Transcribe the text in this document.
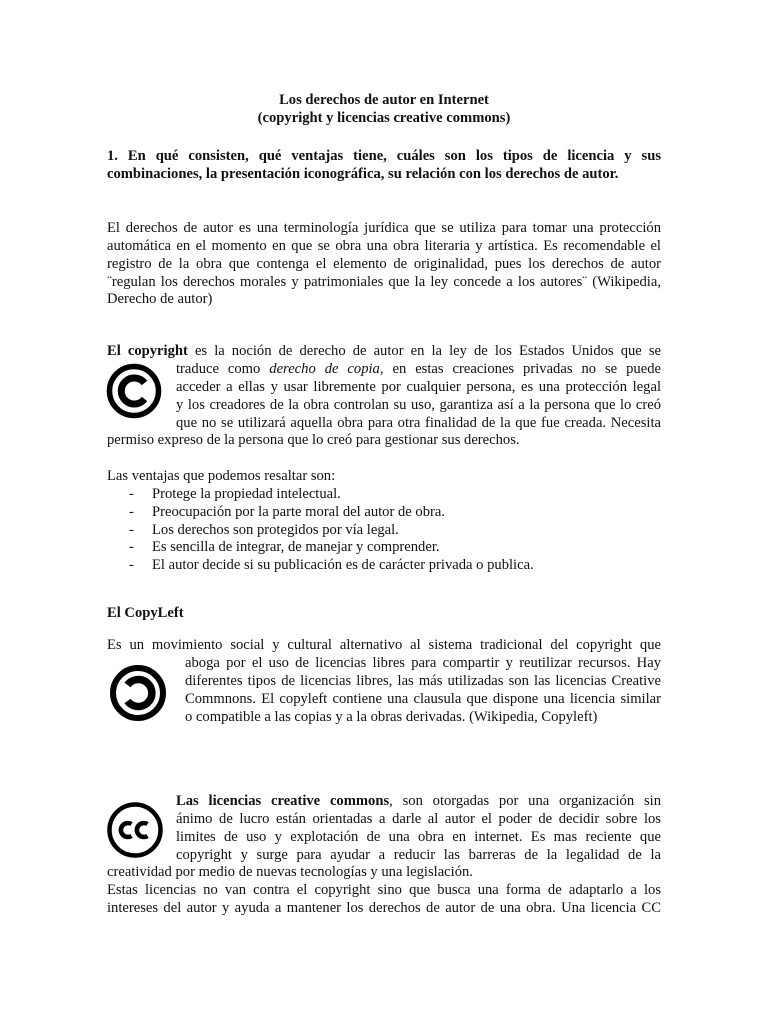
Los derechos de autor en Internet
(copyright y licencias creative commons)
1. En qué consisten, qué ventajas tiene, cuáles son los tipos de licencia y sus
combinaciones, la presentación iconográfica, su relación con los derechos de autor.
El derechos de autor es una terminología jurídica que se utiliza para tomar una protección
automática en el momento en que se obra una obra literaria y artística. Es recomendable el
registro de la obra que contenga el elemento de originalidad, pues los derechos de autor
¨regulan los derechos morales y patrimoniales que la ley concede a los autores¨ (Wikipedia,
Derecho de autor)
El copyright es la noción de derecho de autor en la ley de los Estados Unidos que se
traduce como derecho de copia, en estas creaciones privadas no se puede
acceder a ellas y usar libremente por cualquier persona, es una protección legal
y los creadores de la obra controlan su uso, garantiza así a la persona que lo creó
que no se utilizará aquella obra para otra finalidad de la que fue creada. Necesita
permiso expreso de la persona que lo creó para gestionar sus derechos.
Las ventajas que podemos resaltar son:
- Protege la propiedad intelectual.
- Preocupación por la parte moral del autor de obra.
- Los derechos son protegidos por vía legal.
- Es sencilla de integrar, de manejar y comprender.
- El autor decide si su publicación es de carácter privada o publica.
El CopyLeft
Es un movimiento social y cultural alternativo al sistema tradicional del copyright que
aboga por el uso de licencias libres para compartir y reutilizar recursos. Hay
diferentes tipos de licencias libres, las más utilizadas son las licencias Creative
Commnons. El copyleft contiene una clausula que dispone una licencia similar
o compatible a las copias y a la obras derivadas. (Wikipedia, Copyleft)
Las licencias creative commons, son otorgadas por una organización sin
ánimo de lucro están orientadas a darle al autor el poder de decidir sobre los
limites de uso y explotación de una obra en internet. Es mas reciente que
copyright y surge para ayudar a reducir las barreras de la legalidad de la
creatividad por medio de nuevas tecnologías y una legislación.
Estas licencias no van contra el copyright sino que busca una forma de adaptarlo a los
intereses del autor y ayuda a mantener los derechos de autor de una obra. Una licencia CC
